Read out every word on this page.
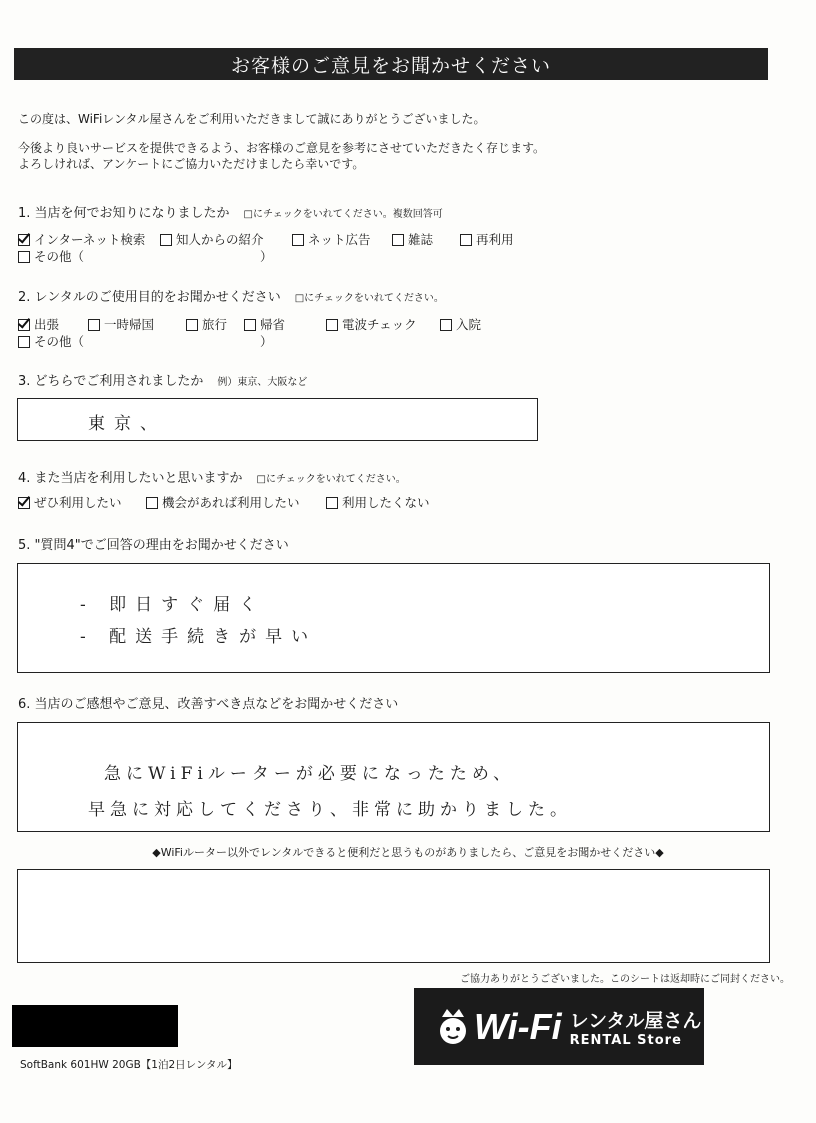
お客様のご意見をお聞かせください
この度は、WiFiレンタル屋さんをご利用いただきまして誠にありがとうございました。
今後より良いサービスを提供できるよう、お客様のご意見を参考にさせていただきたく存じます。
よろしければ、アンケートにご協力いただけましたら幸いです。
1. 当店を何でお知りになりましたか □にチェックをいれてください。複数回答可
インターネット検索 知人からの紹介	ネット広告	雑誌	再利用
その他（	）
2. レンタルのご使用目的をお聞かせください □にチェックをいれてください。
出張	一時帰国	旅行	帰省	電波チェック	入院
その他（	）
3. どちらでご利用されましたか 例）東京、大阪など
東京、
4. また当店を利用したいと思いますか □にチェックをいれてください。
ぜひ利用したい	機会があれば利用したい	利用したくない
5. "質問4"でご回答の理由をお聞かせください
- 即日すぐ届く
- 配送手続きが早い
6. 当店のご感想やご意見、改善すべき点などをお聞かせください
急にWiFiルーターが必要になったため、
早急に対応してくださり、非常に助かりました。
◆WiFiルーター以外でレンタルできると便利だと思うものがありましたら、ご意見をお聞かせください◆
ご協力ありがとうございました。このシートは返却時にご同封ください。
SoftBank 601HW 20GB【1泊2日レンタル】
Wi-Fi レンタル屋さん
RENTAL Store
